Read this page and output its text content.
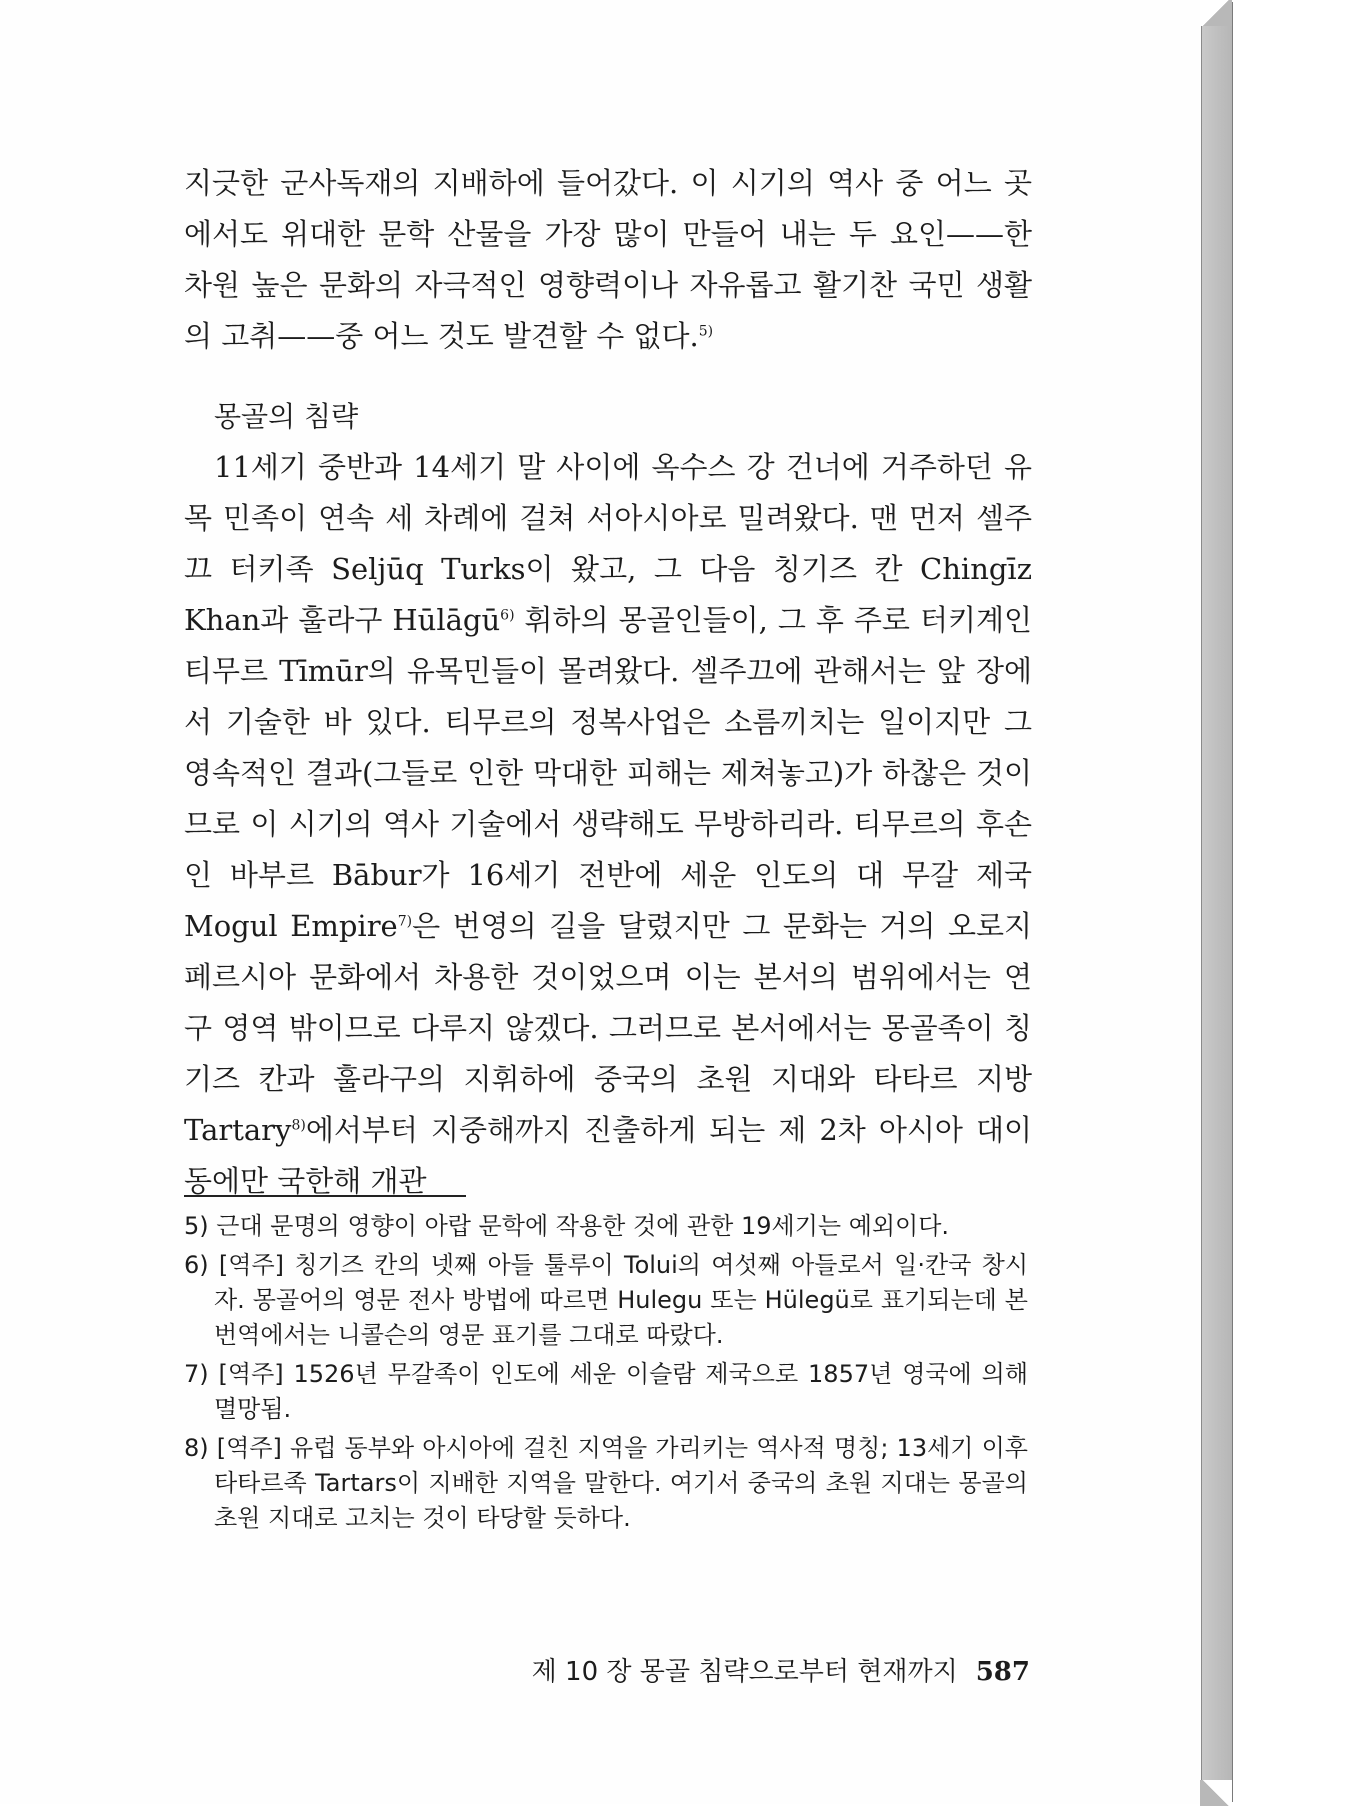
지긋한 군사독재의 지배하에 들어갔다. 이 시기의 역사 중 어느 곳에서도 위대한 문학 산물을 가장 많이 만들어 내는 두 요인——한 차원 높은 문화의 자극적인 영향력이나 자유롭고 활기찬 국민 생활의 고취——중 어느 것도 발견할 수 없다.$^{5)}$

몽골의 침략

11세기 중반과 14세기 말 사이에 옥수스 강 건너에 거주하던 유목 민족이 연속 세 차례에 걸쳐 서아시아로 밀려왔다. 맨 먼저 셀주끄 터키족 Seljūq Turks이 왔고, 그 다음 칭기즈 칸 Chingīz Khan과 훌라구 Hūlāgū$^{6)}$ 휘하의 몽골인들이, 그 후 주로 터키계인 티무르 Tīmūr의 유목민들이 몰려왔다. 셀주끄에 관해서는 앞 장에서 기술한 바 있다. 티무르의 정복사업은 소름끼치는 일이지만 그 영속적인 결과(그들로 인한 막대한 피해는 제쳐놓고)가 하찮은 것이므로 이 시기의 역사 기술에서 생략해도 무방하리라. 티무르의 후손인 바부르 Bābur가 16세기 전반에 세운 인도의 대 무갈 제국 Mogul Empire$^{7)}$은 번영의 길을 달렸지만 그 문화는 거의 오로지 페르시아 문화에서 차용한 것이었으며 이는 본서의 범위에서는 연구 영역 밖이므로 다루지 않겠다. 그러므로 본서에서는 몽골족이 칭기즈 칸과 훌라구의 지휘하에 중국의 초원 지대와 타타르 지방 Tartary$^{8)}$에서부터 지중해까지 진출하게 되는 제 2차 아시아 대이동에만 국한해 개관

5) 근대 문명의 영향이 아랍 문학에 작용한 것에 관한 19세기는 예외이다.

6) [역주] 칭기즈 칸의 넷째 아들 툴루이 Tolui의 여섯째 아들로서 일·칸국 창시자. 몽골어의 영문 전사 방법에 따르면 Hulegu 또는 Hülegü로 표기되는데 본 번역에서는 니콜슨의 영문 표기를 그대로 따랐다.

7) [역주] 1526년 무갈족이 인도에 세운 이슬람 제국으로 1857년 영국에 의해 멸망됨.

8) [역주] 유럽 동부와 아시아에 걸친 지역을 가리키는 역사적 명칭; 13세기 이후 타타르족 Tartars이 지배한 지역을 말한다. 여기서 중국의 초원 지대는 몽골의 초원 지대로 고치는 것이 타당할 듯하다.

제 10 장 몽골 침략으로부터 현재까지 587
